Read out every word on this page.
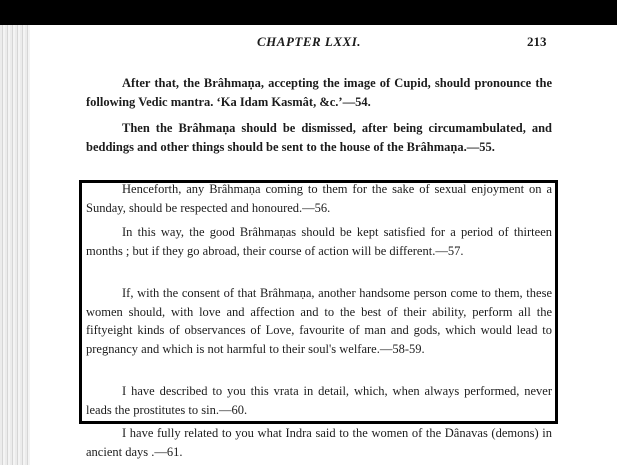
CHAPTER LXXI.	213

After that, the Brâhmaṇa, accepting the image of Cupid, should pronounce the following Vedic mantra. ‘Ka Idam Kasmât, &c.’—54.

Then the Brâhmaṇa should be dismissed, after being circumambulated, and beddings and other things should be sent to the house of the Brâhmaṇa.—55.

Henceforth, any Brâhmaṇa coming to them for the sake of sexual enjoyment on a Sunday, should be respected and honoured.—56.

In this way, the good Brâhmaṇas should be kept satisfied for a period of thirteen months ; but if they go abroad, their course of action will be different.—57.

If, with the consent of that Brâhmaṇa, another handsome person come to them, these women should, with love and affection and to the best of their ability, perform all the fiftyeight kinds of observances of Love, favourite of man and gods, which would lead to pregnancy and which is not harmful to their soul's welfare.—58-59.

I have described to you this vrata in detail, which, when always performed, never leads the prostitutes to sin.—60.

I have fully related to you what Indra said to the women of the Dânavas (demons) in ancient days .—61.
